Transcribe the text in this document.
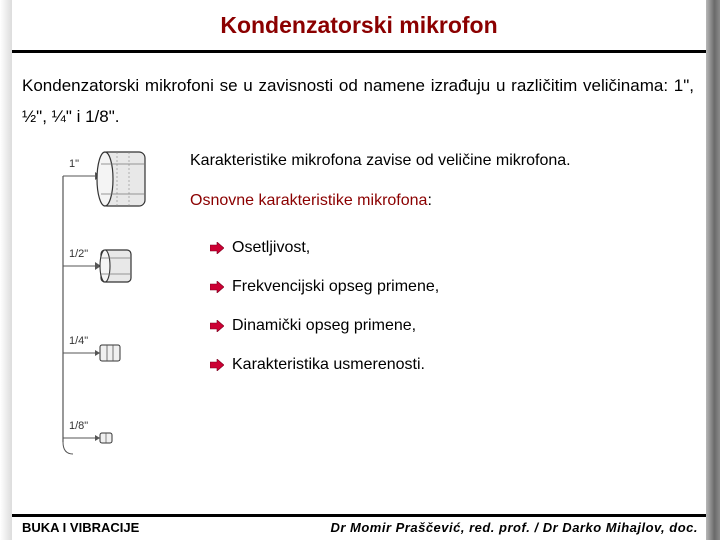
Kondenzatorski mikrofon
Kondenzatorski mikrofoni se u zavisnosti od namene izrađuju u različitim veličinama: 1", ½", ¼" i 1/8".
1"
1/2"
1/4"
1/8"
Karakteristike mikrofona zavise od veličine mikrofona.
Osnovne karakteristike mikrofona:
Osetljivost,
Frekvencijski opseg primene,
Dinamički opseg primene,
Karakteristika usmerenosti.
BUKA I VIBRACIJE	Dr Momir Praščević, red. prof. / Dr Darko Mihajlov, doc.
